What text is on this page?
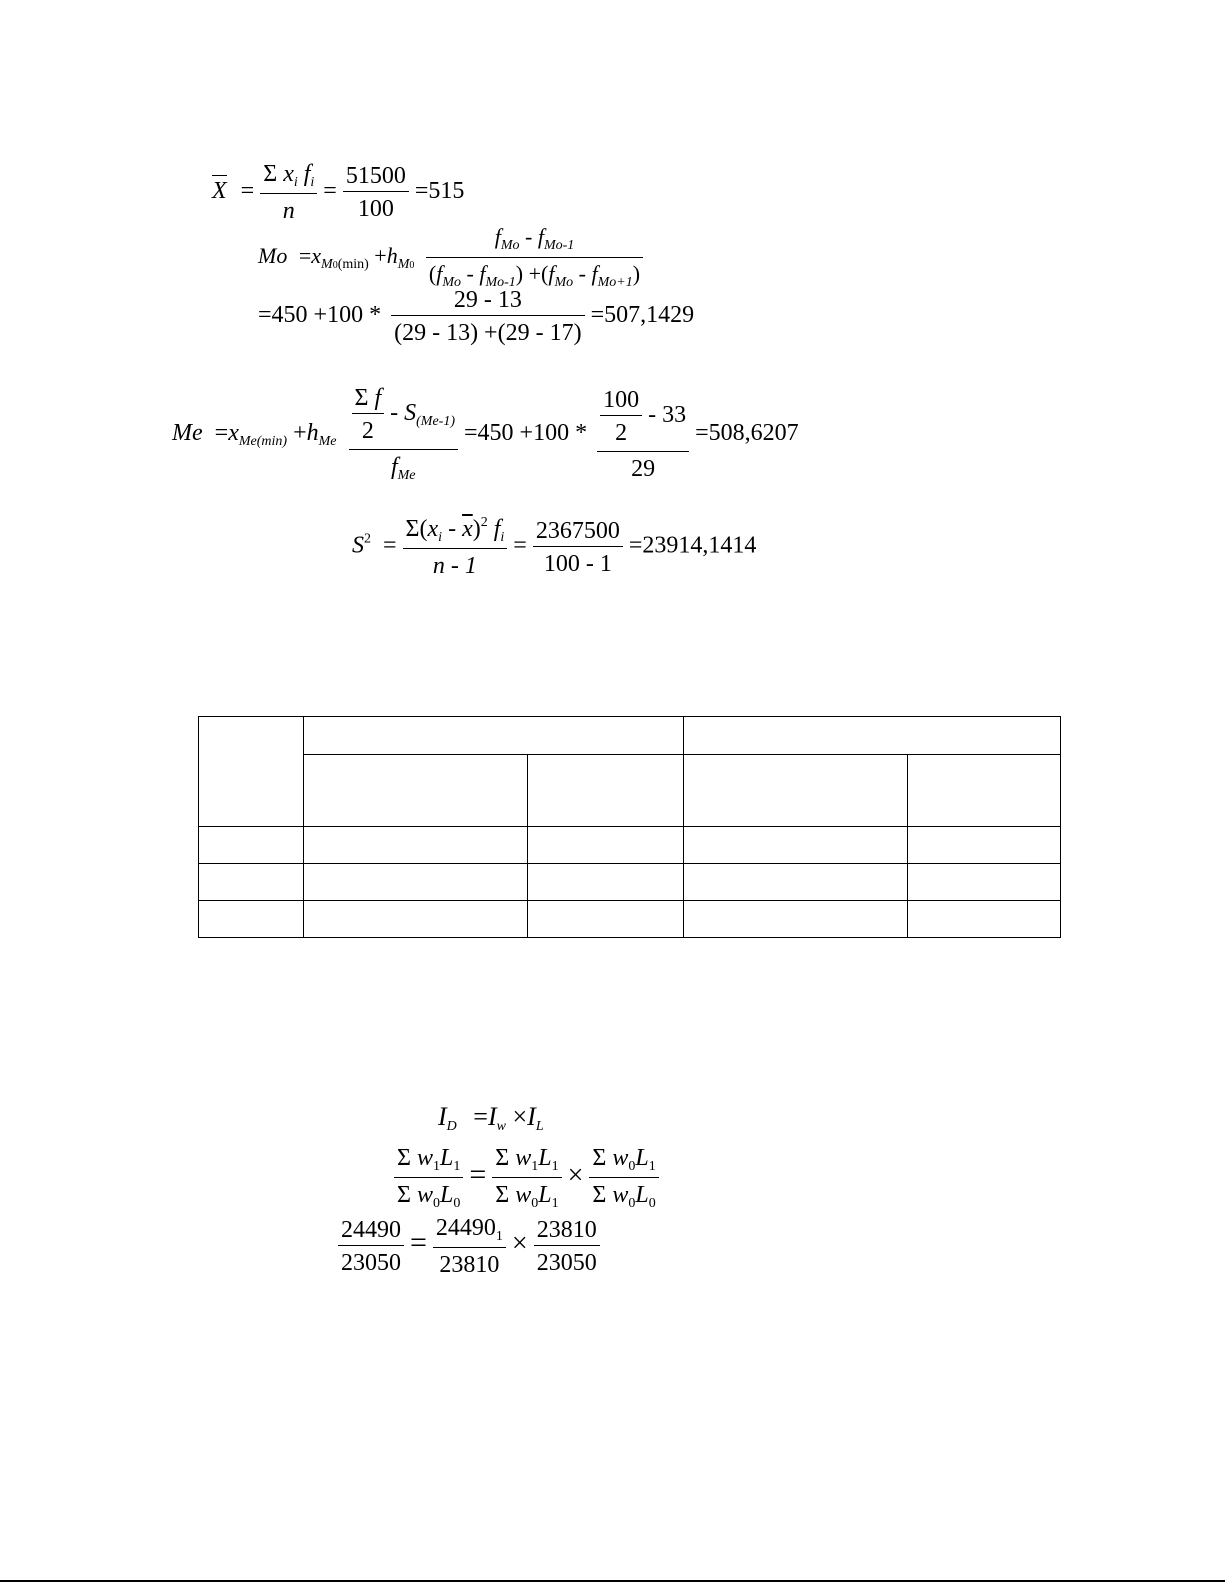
$X = \frac{\Sigma x_i f_i}{n} = \frac{51500}{100} =515$
$Mo =x_{M0(min)} +h_{M0} \frac{f_{Mo} - f_{Mo-1}}{(f_{Mo} - f_{Mo-1}) +(f_{Mo} - f_{Mo+1})}$
$=450 +100 * \frac{29 - 13}{(29 - 13) +(29 - 17)} =507,1429$
$Me =x_{Me(min)} +h_{Me} \frac{\frac{\text{Σ f}}{2} - S_{(Me-1)}}{f_{Me}} =450 +100 * \frac{\frac{100}{2} - 33}{29} =508,6207$
$S^2 = \frac{\Sigma(x_i - \overline{x})^2 f_i}{n - 1} = \frac{2367500}{100 - 1} =23914,1414$

$I_D =I_w \times I_L$
$\frac{\Sigma w_1L_1}{\Sigma w_0L_0} = \frac{\Sigma w_1L_1}{\Sigma w_0L_1} \times \frac{\Sigma w_0L_1}{\Sigma w_0L_0}$
$\frac{24490}{23050} = \frac{24490_1}{23810} \times \frac{23810}{23050}$
